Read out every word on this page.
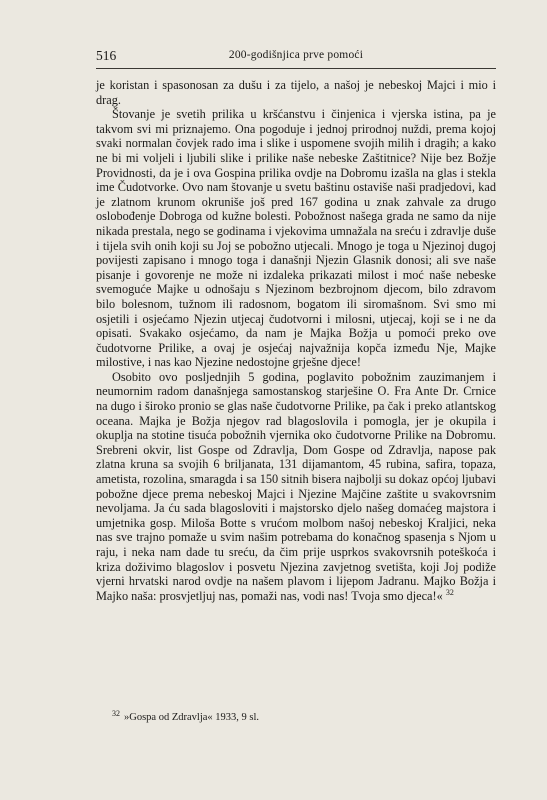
516	200-godišnjica prve pomoći

je koristan i spasonosan za dušu i za tijelo, a našoj je nebeskoj Majci i mio i drag.

Štovanje je svetih prilika u kršćanstvu i činjenica i vjerska istina, pa je takvom svi mi priznajemo. Ona pogoduje i jednoj prirodnoj nuždi, prema kojoj svaki normalan čovjek rado ima i slike i uspomene svojih milih i dragih; a kako ne bi mi voljeli i ljubili slike i prilike naše nebeske Zaštitnice? Nije bez Božje Providnosti, da je i ova Gospina prilika ovdje na Dobromu izašla na glas i stekla ime Čudotvorke. Ovo nam štovanje u svetu baštinu ostaviše naši pradjedovi, kad je zlatnom krunom okruniše još pred 167 godina u znak zahvale za drugo oslobođenje Dobroga od kužne bolesti. Pobožnost našega grada ne samo da nije nikada prestala, nego se godinama i vjekovima umnažala na sreću i zdravlje duše i tijela svih onih koji su Joj se pobožno utjecali. Mnogo je toga u Njezinoj dugoj povijesti zapisano i mnogo toga i današnji Njezin Glasnik donosi; ali sve naše pisanje i govorenje ne može ni izdaleka prikazati milost i moć naše nebeske svemoguće Majke u odnošaju s Njezinom bezbrojnom djecom, bilo zdravom bilo bolesnom, tužnom ili radosnom, bogatom ili siromašnom. Svi smo mi osjetili i osjećamo Njezin utjecaj čudotvorni i milosni, utjecaj, koji se i ne da opisati. Svakako osjećamo, da nam je Majka Božja u pomoći preko ove čudotvorne Prilike, a ovaj je osjećaj najvažnija kopča između Nje, Majke milostive, i nas kao Njezine nedostojne grješne djece!

Osobito ovo posljednjih 5 godina, poglavito pobožnim zauzimanjem i neumornim radom današnjega samostanskog starješine O. Fra Ante Dr. Crnice na dugo i široko pronio se glas naše čudotvorne Prilike, pa čak i preko atlantskog oceana. Majka je Božja njegov rad blagoslovila i pomogla, jer je okupila i okuplja na stotine tisuća pobožnih vjernika oko čudotvorne Prilike na Dobromu. Srebreni okvir, list Gospe od Zdravlja, Dom Gospe od Zdravlja, napose pak zlatna kruna sa svojih 6 briljanata, 131 dijamantom, 45 rubina, safira, topaza, ametista, rozolina, smaragda i sa 150 sitnih bisera najbolji su dokaz općoj ljubavi pobožne djece prema nebeskoj Majci i Njezine Majčine zaštite u svakovrsnim nevoljama. Ja ću sada blagosloviti i majstorsko djelo našeg domaćeg majstora i umjetnika gosp. Miloša Botte s vrućom molbom našoj nebeskoj Kraljici, neka nas sve trajno pomaže u svim našim potrebama do konačnog spasenja s Njom u raju, i neka nam dade tu sreću, da čim prije usprkos svakovrsnih poteškoća i kriza doživimo blagoslov i posvetu Njezina zavjetnog svetišta, koji Joj podiže vjerni hrvatski narod ovdje na našem plavom i lijepom Jadranu. Majko Božja i Majko naša: prosvjetljuj nas, pomaži nas, vodi nas! Tvoja smo djeca!« $^{32}$

$^{32}$ »Gospa od Zdravlja« 1933, 9 sl.
